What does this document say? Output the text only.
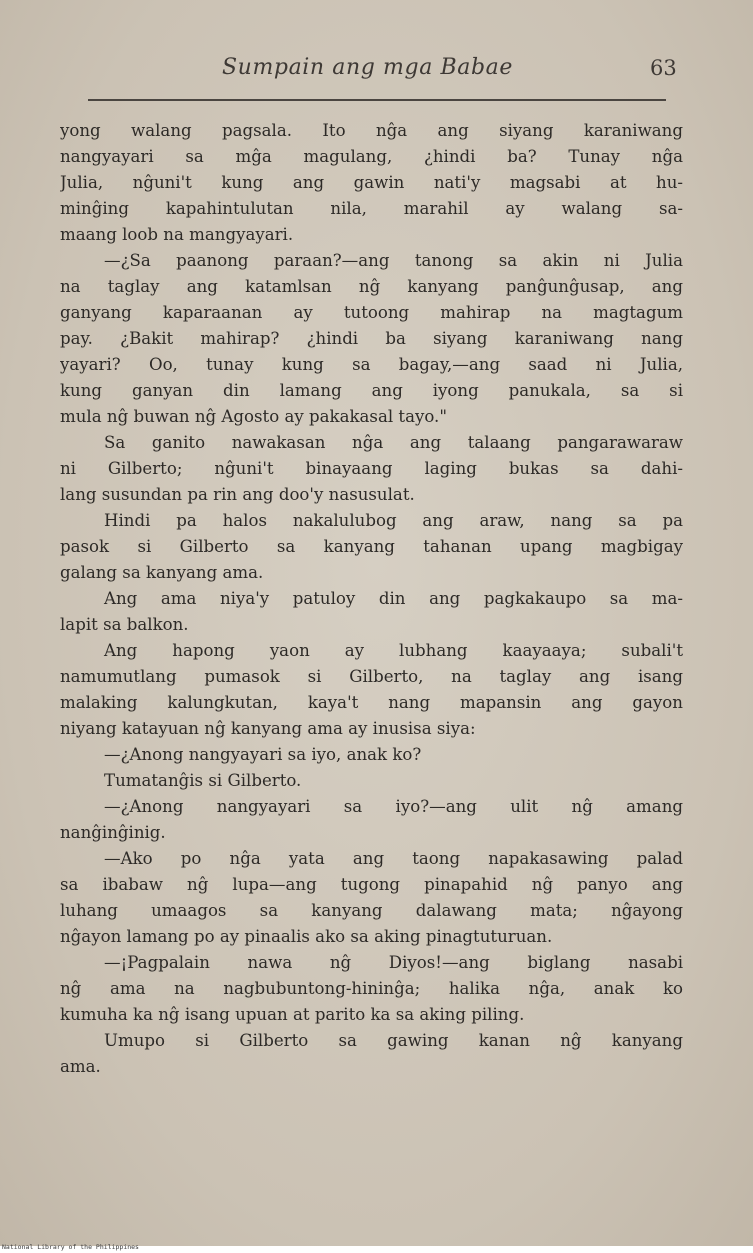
Sumpain ang mga Babae	63
yong walang pagsala. Ito nĝa ang siyang karaniwang
nangyayari sa mĝa magulang, ¿hindi ba? Tunay nĝa
Julia, nĝuni't kung ang gawin nati'y magsabi at hu-
minĝing kapahintulutan nila, marahil ay walang sa-
maang loob na mangyayari.
—¿Sa paanong paraan?—ang tanong sa akin ni Julia
na taglay ang katamlsan nĝ kanyang panĝunĝusap, ang
ganyang kaparaanan ay tutoong mahirap na magtagum
pay. ¿Bakit mahirap? ¿hindi ba siyang karaniwang nang
yayari? Oo, tunay kung sa bagay,—ang saad ni Julia,
kung ganyan din lamang ang iyong panukala, sa si
mula nĝ buwan nĝ Agosto ay pakakasal tayo."
Sa ganito nawakasan nĝa ang talaang pangarawaraw
ni Gilberto; nĝuni't binayaang laging bukas sa dahi-
lang susundan pa rin ang doo'y nasusulat.
Hindi pa halos nakalulubog ang araw, nang sa pa
pasok si Gilberto sa kanyang tahanan upang magbigay
galang sa kanyang ama.
Ang ama niya'y patuloy din ang pagkakaupo sa ma-
lapit sa balkon.
Ang hapong yaon ay lubhang kaayaaya; subali't
namumutlang pumasok si Gilberto, na taglay ang isang
malaking kalungkutan, kaya't nang mapansin ang gayon
niyang katayuan nĝ kanyang ama ay inusisa siya:
—¿Anong nangyayari sa iyo, anak ko?
Tumatanĝis si Gilberto.
—¿Anong nangyayari sa iyo?—ang ulit nĝ amang
nanĝinĝinig.
—Ako po nĝa yata ang taong napakasawing palad
sa ibabaw nĝ lupa—ang tugong pinapahid nĝ panyo ang
luhang umaagos sa kanyang dalawang mata; nĝayong
nĝayon lamang po ay pinaalis ako sa aking pinagtuturuan.
—¡Pagpalain nawa nĝ Diyos!—ang biglang nasabi
nĝ ama na nagbubuntong-hininĝa; halika nĝa, anak ko
kumuha ka nĝ isang upuan at parito ka sa aking piling.
Umupo si Gilberto sa gawing kanan nĝ kanyang
ama.
National Library of the Philippines
